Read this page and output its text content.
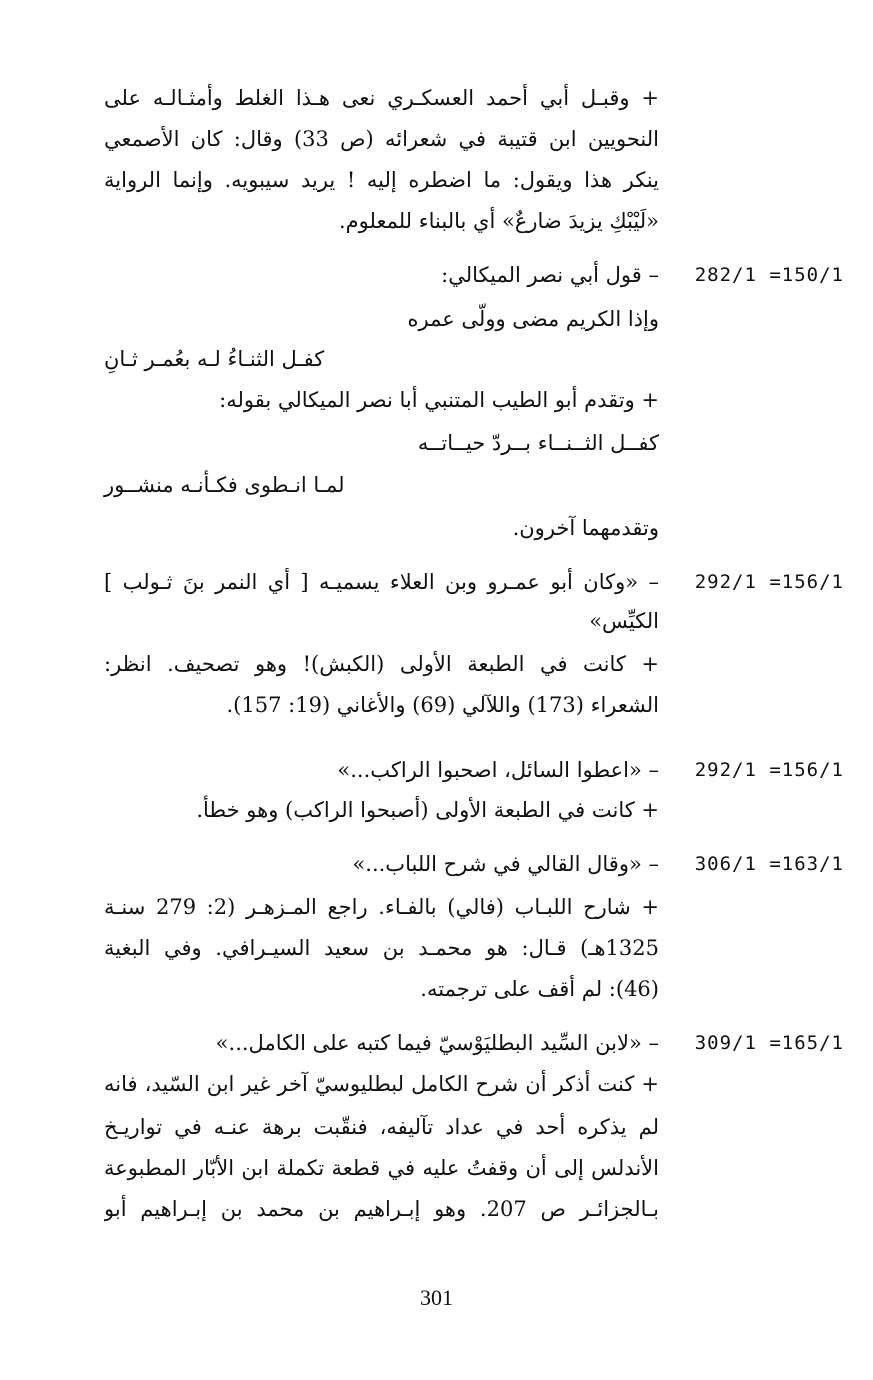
+ وقبـل أبي أحمد العسكـري نعى هـذا الغلط وأمثـالـه على
النحويين ابن قتيبة في شعرائه (ص 33) وقال: كان الأصمعي
ينكر هذا ويقول: ما اضطره إليه ! يريد سيبويه. وإنما الرواية
«لَيْبْكِ يزيدَ ضارعٌ» أي بالبناء للمعلوم.
282/1 =150/1
– قول أبي نصر الميكالي:
وإذا الكريم مضى وولّى عمره
كفـل الثنـاءُ لـه بعُمـر ثـانِ
+ وتقدم أبو الطيب المتنبي أبا نصر الميكالي بقوله:
كفــل الثــنــاء بــردّ حيــاتــه
لمـا انـطوى فكـأنـه منشــور
وتقدمهما آخرون.
292/1 =156/1
– «وكان أبو عمـرو وبن العلاء يسميـه [ أي النمر بنَ ثـولب ]
الكيِّس»
+ كانت في الطبعة الأولى (الكبش)! وهو تصحيف. انظر:
الشعراء (173) واللآلي (69) والأغاني (19: 157).
292/1 =156/1
– «اعطوا السائل، اصحبوا الراكب...»
+ كانت في الطبعة الأولى (أصبحوا الراكب) وهو خطأ.
306/1 =163/1
– «وقال القالي في شرح اللباب...»
+ شارح اللبـاب (فالي) بالفـاء. راجع المـزهـر (2: 279 سنـة
1325هـ) قـال: هو محمـد بن سعيد السيـرافي. وفي البغية
(46): لم أقف على ترجمته.
309/1 =165/1
– «لابن السِّيد البطليَوْسيّ فيما كتبه على الكامل...»
+ كنت أذكر أن شرح الكامل لبطليوسيّ آخر غير ابن السّيد، فانه
لم يذكره أحد في عداد تآليفه، فنقّبت برهة عنـه في تواريـخ
الأندلس إلى أن وقفتُ عليه في قطعة تكملة ابن الأبّار المطبوعة
بـالجزائـر ص 207. وهو إبـراهيم بن محمد بن إبـراهيم أبو
301
